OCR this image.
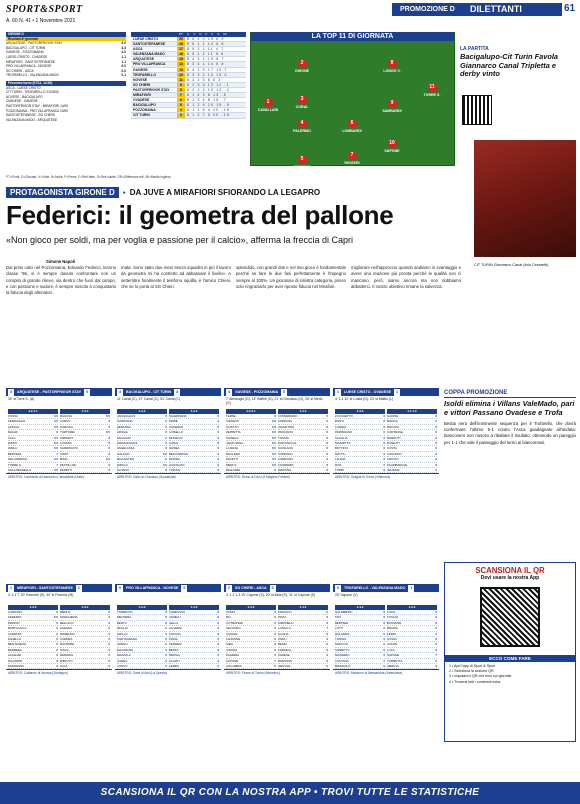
SPORT&SPORT
A. 60 N. 41 • 1 Novembre 2021
PROMOZIONE D DILETTANTI	61
GIRONE D
Risultati 8ª giornata
ARQUATESE - PASTORFRIGOR STAY	3-0
BACIGALUPO - CIT TURIN	3-3
GAVIESE - POZZOMAINA	4-0
LUESE CRISTO - OVADESE	1-1
MIRAFIORI - SANTOSTEFANESE	1-1
PRO VILLAFRANCA - NOVESE	0-0
SG CHIERI - ASCA	2-0
TROFARELLO - VALENZANA MADO	0-1
Prossimo turno (07/11, 14:30)
ASCA - LUESE CRISTO
CIT TURIN - TROFARELLO 21/03/00
NOVESE - BACIGALUPO
OVADESE - GAVIESE
PASTORFRIGOR STAY - MIRAFIORI 14/00
POZZOMAINA - PRO VILLAFRANCA 15/00
SANTOSTEFANESE - SG CHIERI
VALENZANA MADO - ARQUATESE
PT G V N P F S MI
LUESE CRISTO	20	8 6 2 0 15 6 9
SANTOSTEFANESE	19	8 6 1 1 14 6 8
ASCA	17	8 5 2 1 11 4 7
VALENZANA MADO	16	8 5 1 2 11 5 6
ARQUATESE	15	8 4 3 1 15 8 7
PRO VILLAFRANCA	13	8 3 4 1 14 6 8
GAVIESE	13	8 4 1 3 17 10 7
TROFARELLO	12	8 3 3 2 10 10 0
NOVESE	11	8 3 2 3 8 6 2
SG CHIERI	9	8 2 3 3 10 11 -1
PASTORFRIGOR STAY	8	8 2 2 4 10 12 -2
MIRAFIORI	7	8 1 4 3 8 13 -5
OVADESE	6	8 1 3 4 8 15 -7
BACIGALUPO	5	8 1 2 5 10 19 -9
POZZOMAINA	4	8 1 1 6 4 20 -16
CIT TURIN	3	8 1 0 7 5 20 -15
LA TOP 11 DI GIORNATA
1
CAVALLARI
2
GHIONE
3
CORAL
4
PALERMO
5
FEDERICI
6
LOMBARDI
7
RIGGERI
8
LONGO V.
9
SAMBARDI
10
SAPONE
11
TORRE S.
LA PARTITA
Bacigalupo-Cit Turin Favola Giannarco Canal Tripletta e derby vinto
CIT TURIN Giannarco Canal (foto Cesaretti)
PT=Punti, G=Giocate, V=Vinte, N=Nulle, P=Perse, F=Reti fatte, S=Reti subite, DR=Differenza reti, MI=Media inglese
PROTAGONISTA GIRONE D	● DA JUVE A MIRAFIORI SFIORANDO LA LEGAPRO
Federici: il geometra del pallone
«Non gioco per soldi, ma per voglia e passione per il calcio», afferma la freccia di Capri
Simone Napoli
Dai primi calci nel Pozzomaina, Edoardo Federici, terzino classe '96, si è sempre dovuto confrontare con un compito di grande rilievo, sia dentro che fuori dal campo, e con passione e sudore, è sempre riuscito a conquistarsi la fiducia degli allenatori.
mata. Sono stato due mesi senza squadra in più il lavoro da geometra mi ha costretto ad abbassare il livello». A settembre finalmente il telefono squilla, è l'amico Chiesi, che se lo porta al SG Chieri.
splendido, con grandi doti e nel mio gioco è fondamentale perché se fare le due fasi perfettamente è l'impegno sempre al 100%. Un giocatore di sinistra categoria, posso solo ringraziarlo per aver riposto fiducia nel Mirafiori.
migliorare nell'approccio quando andiamo in svantaggio e avere una reazione più pronta perché le qualità non ci mancano, però, siamo ancora ma non dobbiamo abbatterci. Il nostro obiettivo rimane la salvezza.
3	ARQUATESE - PASTORFRIGOR STAY	0
30' st Torre S. (A)
4-2-3-1
FOSSA	6.5
FERRUGGIA	6.5
AFRUJA	6.5
MAGRI	6
CALA	6.5
RIPPO	6.5
ZIRILLI	6.5
BERTERA	7
MALANDRINO	6.5
TORRE S.	7
SGLANDARELLA	6.5
4-3-3
RAGUSA	6.5
CORVO	6
GARIANA	6
TORTOREI	6.5
ZIMMART	6
LOJAZIA	6
SARRONATO	6
CIRIO	6
BISSI	6.5
PETRILLOE	6
PERETTI	6
ARBITRO: Lombardo di Nacoreto (Camaldella d'Aste)
3	BACIGALUPO - CIT TURIN	3
11' Canal (C), 37' Canal (C), 51' Canal (C)
4-3-3
JANGAGLIUS	6
GIORDANO	6
ZERANNA	6
ARIOLE	6
FAGGIANI	6
MARANGOLINI	6
ANGELASSA	6
GALLINO	6.5
BALLESTRO	6
DIRULLI	6.5
ALNANO	6
4-3-3
SALERNANA	6
PEIRE	6
CATEMAN	6
LOISELLO	6
MUNACCI	6
CANAL	8
GILBEA	6
BELFIORESSI	6
MORRA	6
GASTALDO	6
TINASSI	6
ARBITRO: Gallo di Chivasso (Guadalupe)
4	GAVIESE - POZZOMAINA	0
7' Alessogio (G), 14' Raffeti (G), 21' st Giordano (G), 26' st Merlo (G)
4-2-3-1
TERSE	6
CIFRADO	6.5
GUZOTTI	6.5
ZEPPETTA	6.5
GIANELLI	6.5
JAGIN SENA	6.5
LA NEVE	6.5
MOLLERO	6.5
RAFETTI	6.5
MERLO	6.5
MIGLIORE	6
4-3-3
CONVERIANO	6
ASDRANA	6
VALENTINO	6
PANCIANO	6
TOSANI	6
MARTINUCAL	6
SCIOLANO	6
CORRADU	6
CARDIANO	6
FIUSPERRI	6
MARTINO	6
ARBITRO: Rossi di Ozzo (Il Magiero Pollenti)
1	LUESE CRISTO - OVADESE	1
4' 1-1 12' st Costa (O), 23' st Mattiu (L)
4-3-3
ZUCCHETTO	6
BONTI	6
LUPARA	6
PERINSANO	6
SCAGLIA	6
MAZZETTO	6
BOTTINO	6
MATTIU	6
LAURIA	6
RIVA	6
TORRI	6
4-1-4-2
GAIONE	6
BIANCA	6
DRIVOSI	6
CORTESSE	6
BINDOTTI	6
ROSETTI	6
COSTA	6
CASALINO	6
TARUTO	6
FILAMBAROLE	6
GRANDE	6
ARBITRO: Scaglia di Torino (Villanova)
1	MIRAFIORI - SANTOSTEFANESE	1
4' 1-1 7' 30' Ravrobe (S), 40' st Federici (M)
4-3-3
CARDANA	6
FEDERICI	6.5
MARINO	6
BARTOLACCI	6
CORRUDI	6
FANELLO	6
BEN NAMANI	6
BARBERA	6
ALSAHAR	6
PALANDRI	6
ROMARINO	6
4-3-3
MERLO	6
MARGHERIA	6
BELLUCO	6
AGENDA	6
MARENGO	6
CORREA	6
RAVROBE	6
SISCA	6
DEMARIA	6
RIBOTTO	6
SALA	6
ARBITRO: Cattaneo di Novara (Sostegno)
0	PRO VILLAFRANCA - NOVESE	0
4-3-3
TORRETTO	6
MENTERA	6
BERTO	6
MOLLOI	6
GRILLO	6
PORTAGRANA	6
ALBINO	6
MAGRIGNO	6
MAZZOLA	6
CARRA	6
CORVO	6
4-4-2
CAMPASSO	6
VARELLI	6
CELLA	6
ALIVERSI	6
POGGIO	6
PIANA	6
VERDESI	6
BERTA	6
RESSIA	6
SCARTI	6
FERRO	6
ARBITRO: Santi di Asti (La Spezia)
2	SG CHIERI - ASCA	0
4' 1-2 1-3 19' Capone (S), 20' st Bela (S), 31' st Capone (S)
4-3-3
CODIA	6
BAI	6
COTRATEMI	6
SECONDO	6
CASALE	6
LANGONE	6
SIEN	6
VIRANO	6
ZAZZERA	6
CAPONE	7
CALLABRAI	6
4-4-2
FAROLFO	6
PAVIA	6
SIMONELLI	6
LONGO V.	7
GUALIA	6
ZIVALI	6
BENEI	6
FORMICA	6
VARESE	6
BAROSSO	6
GENTILE	6
ARBITRO: Fiume di Torino (Nichelino)
0	TROFARELLO - VALENZANA MADO	1
25' Sapone (V)
4-4-2
GALIMBERTI	6
TAVI	6
BERTIERI	6
LOTTI	6
ROLANDO	6
TONINO	6
MARCON	6
SIRRETTO	6
MASSERO	6
CASTANO	6
BRIGNOLO	6
4-3-3
LOCO	6
TOSCHI	6
BUSSONE	6
BRAINA	6
FERRI	6
COSSU	6
CONTE	6
LUCA	6
SAPONE	7
CORBETTA	6
AMENTA	6
ARBITRO: Massimo di Alessandria (Valenzana)
COPPA PROMOZIONE
Isoldi elimina i Villans ValeMado, pari e vittori Passano Ovadese e Trofa
Bestia nera dell'imminente sequenza per il Trofarello, che dovrà confermare l'ottimo 5-1 contro l'Asca guadagnato all'andata: bianconero non riuscito a ribaltare il risultato, ottenendo un pareggio per 1-1 che vale il passaggio del turno ai biancorossi.
SCANSIONA IL QR
Devi usare la nostra App
ECCO COME FARE
1 • Apri l'app di Sport & Sport
2 • Seleziona la sezione QR
3 • Inquadra il QR che trovi sul giornale
4 • Troverai tutti i contenuti extra
SCANSIONA IL QR CON LA NOSTRA APP • TROVI TUTTE LE STATISTICHE
